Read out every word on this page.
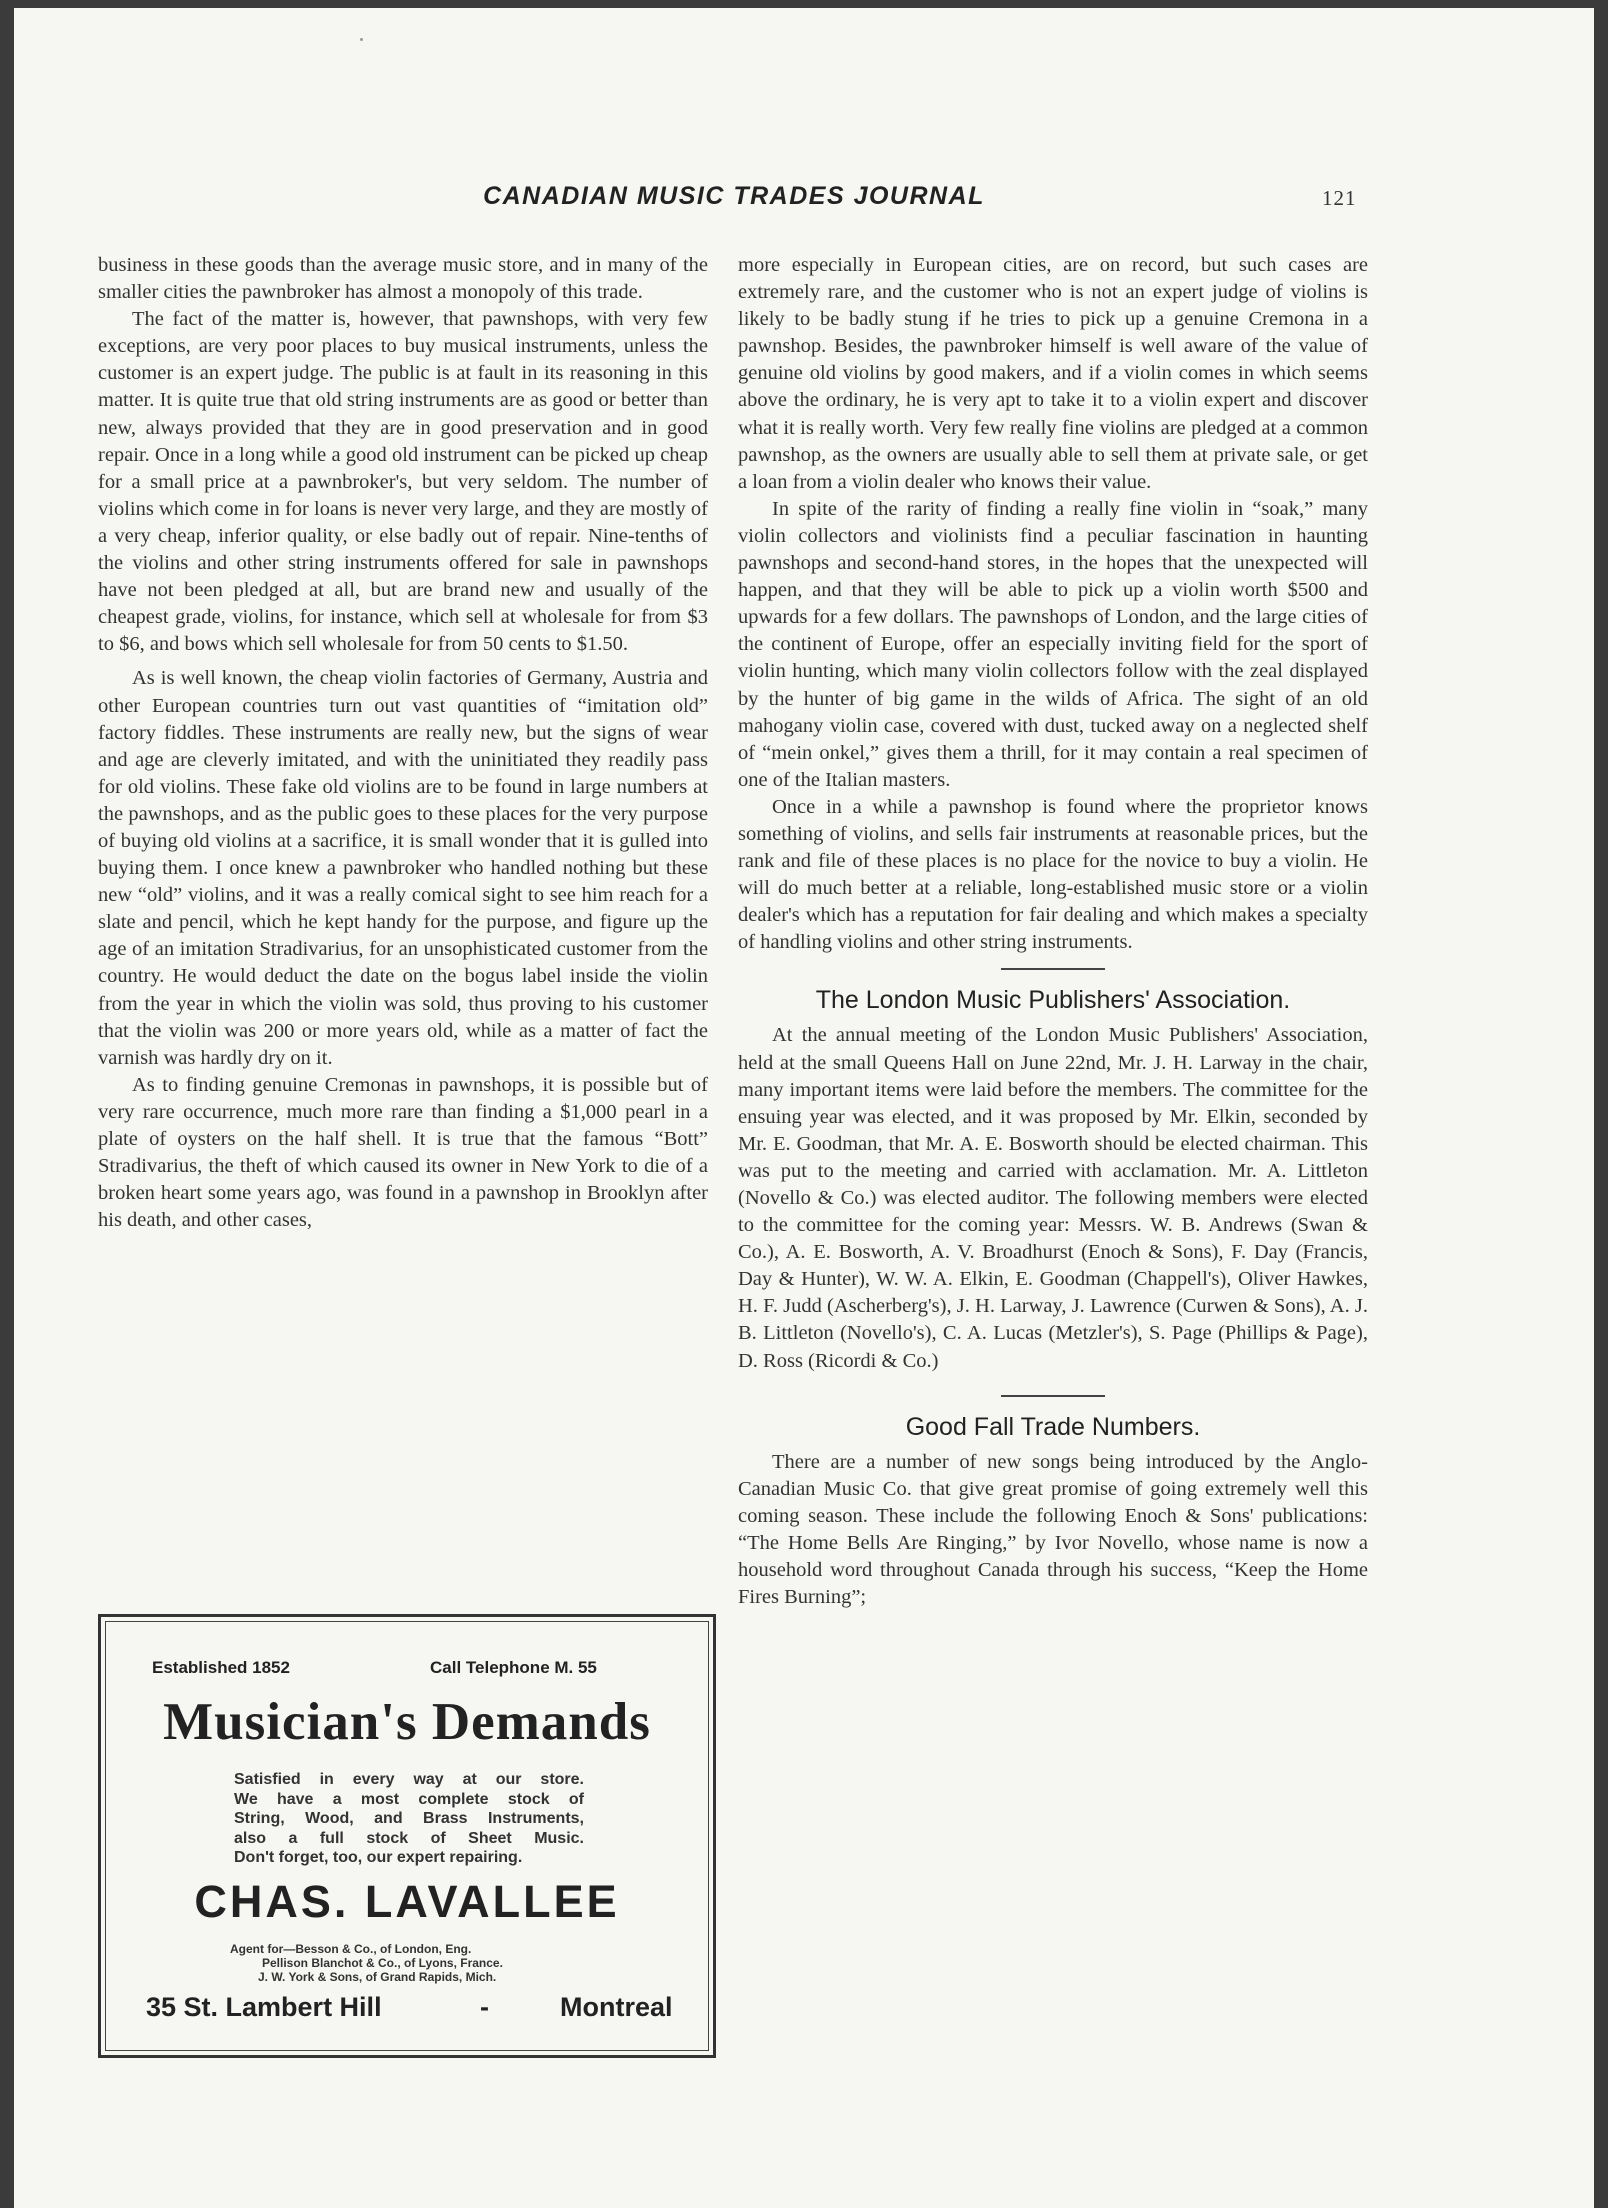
CANADIAN MUSIC TRADES JOURNAL	121

business in these goods than the average music store, and in many of the smaller cities the pawnbroker has almost a monopoly of this trade.

The fact of the matter is, however, that pawnshops, with very few exceptions, are very poor places to buy musical instruments, unless the customer is an expert judge. The public is at fault in its reasoning in this matter. It is quite true that old string instruments are as good or better than new, always provided that they are in good preservation and in good repair. Once in a long while a good old instrument can be picked up cheap for a small price at a pawnbroker's, but very seldom. The number of violins which come in for loans is never very large, and they are mostly of a very cheap, inferior quality, or else badly out of repair. Nine-tenths of the violins and other string instruments offered for sale in pawnshops have not been pledged at all, but are brand new and usually of the cheapest grade, violins, for instance, which sell at wholesale for from $3 to $6, and bows which sell wholesale for from 50 cents to $1.50.

As is well known, the cheap violin factories of Germany, Austria and other European countries turn out vast quantities of “imitation old” factory fiddles. These instruments are really new, but the signs of wear and age are cleverly imitated, and with the uninitiated they readily pass for old violins. These fake old violins are to be found in large numbers at the pawnshops, and as the public goes to these places for the very purpose of buying old violins at a sacrifice, it is small wonder that it is gulled into buying them. I once knew a pawnbroker who handled nothing but these new “old” violins, and it was a really comical sight to see him reach for a slate and pencil, which he kept handy for the purpose, and figure up the age of an imitation Stradivarius, for an unsophisticated customer from the country. He would deduct the date on the bogus label inside the violin from the year in which the violin was sold, thus proving to his customer that the violin was 200 or more years old, while as a matter of fact the varnish was hardly dry on it.

As to finding genuine Cremonas in pawnshops, it is possible but of very rare occurrence, much more rare than finding a $1,000 pearl in a plate of oysters on the half shell. It is true that the famous “Bott” Stradivarius, the theft of which caused its owner in New York to die of a broken heart some years ago, was found in a pawnshop in Brooklyn after his death, and other cases,

Established 1852	Call Telephone M. 55
Musician's Demands
Satisfied in every way at our store.
We have a most complete stock of
String, Wood, and Brass Instruments,
also a full stock of Sheet Music.
Don't forget, too, our expert repairing.
CHAS. LAVALLEE
Agent for—Besson & Co., of London, Eng.
Pellison Blanchot & Co., of Lyons, France.
J. W. York & Sons, of Grand Rapids, Mich.
35 St. Lambert Hill	-	Montreal

more especially in European cities, are on record, but such cases are extremely rare, and the customer who is not an expert judge of violins is likely to be badly stung if he tries to pick up a genuine Cremona in a pawnshop. Besides, the pawnbroker himself is well aware of the value of genuine old violins by good makers, and if a violin comes in which seems above the ordinary, he is very apt to take it to a violin expert and discover what it is really worth. Very few really fine violins are pledged at a common pawnshop, as the owners are usually able to sell them at private sale, or get a loan from a violin dealer who knows their value.

In spite of the rarity of finding a really fine violin in “soak,” many violin collectors and violinists find a peculiar fascination in haunting pawnshops and second-hand stores, in the hopes that the unexpected will happen, and that they will be able to pick up a violin worth $500 and upwards for a few dollars. The pawnshops of London, and the large cities of the continent of Europe, offer an especially inviting field for the sport of violin hunting, which many violin collectors follow with the zeal displayed by the hunter of big game in the wilds of Africa. The sight of an old mahogany violin case, covered with dust, tucked away on a neglected shelf of “mein onkel,” gives them a thrill, for it may contain a real specimen of one of the Italian masters.

Once in a while a pawnshop is found where the proprietor knows something of violins, and sells fair instruments at reasonable prices, but the rank and file of these places is no place for the novice to buy a violin. He will do much better at a reliable, long-established music store or a violin dealer's which has a reputation for fair dealing and which makes a specialty of handling violins and other string instruments.

The London Music Publishers' Association.

At the annual meeting of the London Music Publishers' Association, held at the small Queens Hall on June 22nd, Mr. J. H. Larway in the chair, many important items were laid before the members. The committee for the ensuing year was elected, and it was proposed by Mr. Elkin, seconded by Mr. E. Goodman, that Mr. A. E. Bosworth should be elected chairman. This was put to the meeting and carried with acclamation. Mr. A. Littleton (Novello & Co.) was elected auditor. The following members were elected to the committee for the coming year: Messrs. W. B. Andrews (Swan & Co.), A. E. Bosworth, A. V. Broadhurst (Enoch & Sons), F. Day (Francis, Day & Hunter), W. W. A. Elkin, E. Goodman (Chappell's), Oliver Hawkes, H. F. Judd (Ascherberg's), J. H. Larway, J. Lawrence (Curwen & Sons), A. J. B. Littleton (Novello's), C. A. Lucas (Metzler's), S. Page (Phillips & Page), D. Ross (Ricordi & Co.)

Good Fall Trade Numbers.

There are a number of new songs being introduced by the Anglo-Canadian Music Co. that give great promise of going extremely well this coming season. These include the following Enoch & Sons' publications: “The Home Bells Are Ringing,” by Ivor Novello, whose name is now a household word throughout Canada through his success, “Keep the Home Fires Burning”;
